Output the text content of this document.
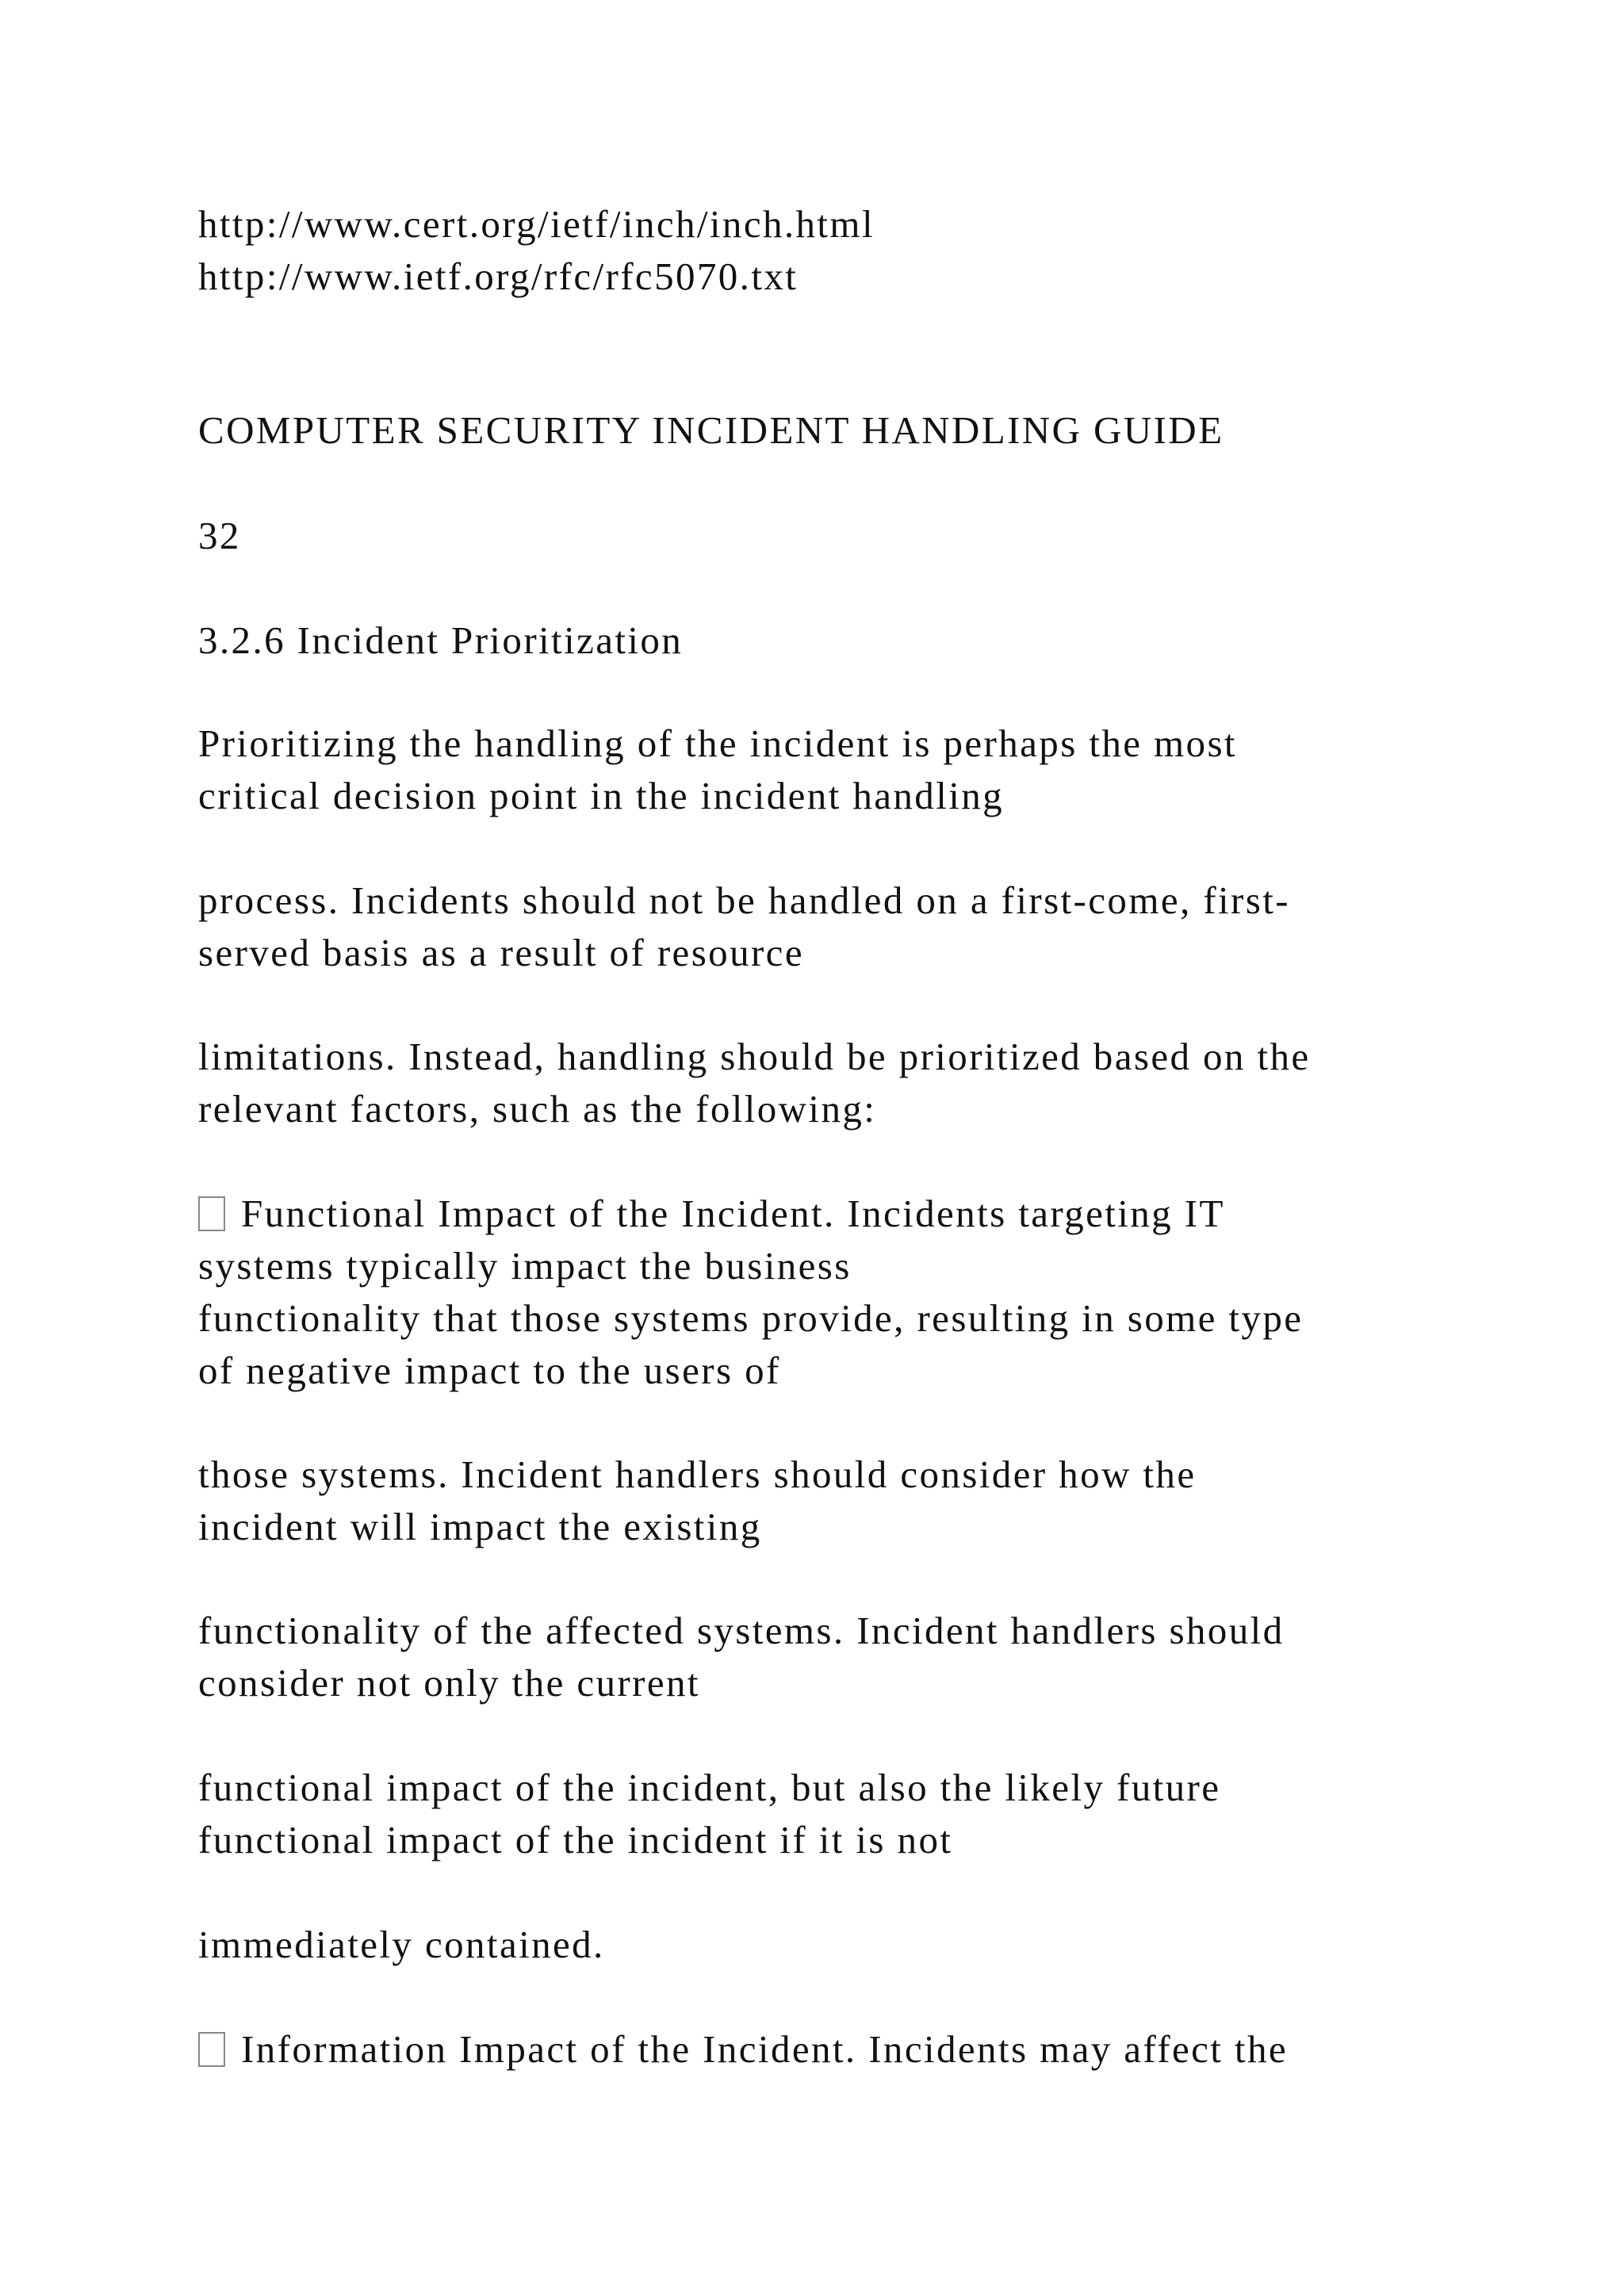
http://www.cert.org/ietf/inch/inch.html

http://www.ietf.org/rfc/rfc5070.txt

COMPUTER SECURITY INCIDENT HANDLING GUIDE

32

3.2.6 Incident Prioritization

Prioritizing the handling of the incident is perhaps the most

critical decision point in the incident handling

process. Incidents should not be handled on a first-come, first-

served basis as a result of resource

limitations. Instead, handling should be prioritized based on the

relevant factors, such as the following:

Functional Impact of the Incident. Incidents targeting IT

systems typically impact the business

functionality that those systems provide, resulting in some type

of negative impact to the users of

those systems. Incident handlers should consider how the

incident will impact the existing

functionality of the affected systems. Incident handlers should

consider not only the current

functional impact of the incident, but also the likely future

functional impact of the incident if it is not

immediately contained.

Information Impact of the Incident. Incidents may affect the
